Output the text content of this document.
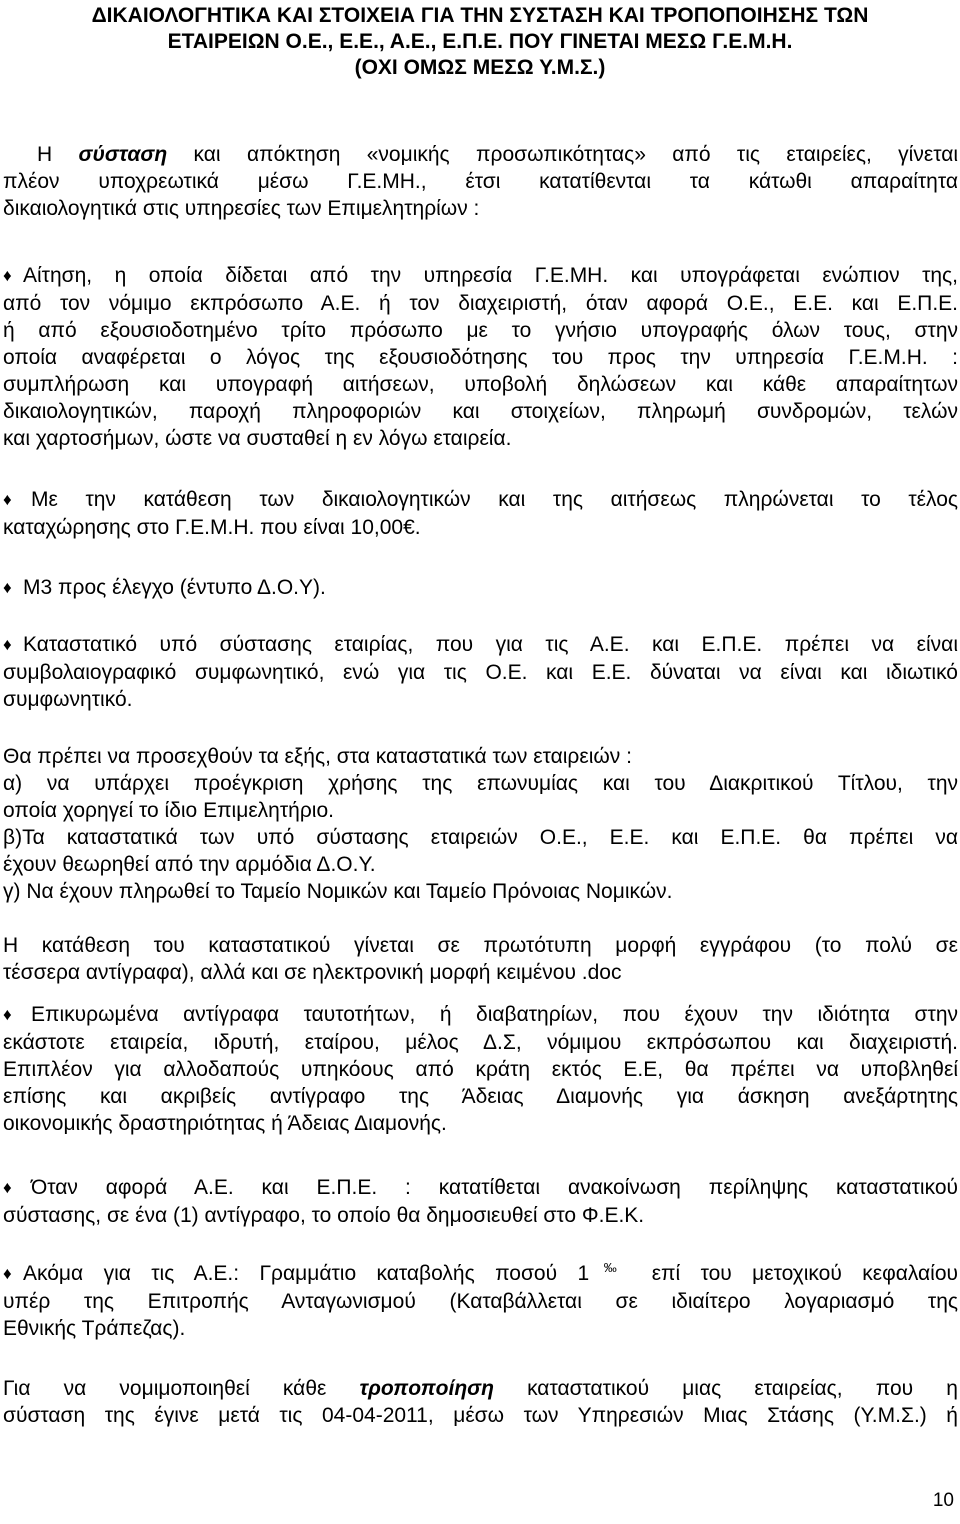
ΔΙΚΑΙΟΛΟΓΗΤΙΚΑ ΚΑΙ ΣΤΟΙΧΕΙΑ ΓΙΑ ΤΗΝ ΣΥΣΤΑΣΗ ΚΑΙ ΤΡΟΠΟΠΟΙΗΣΗΣ ΤΩΝ
ΕΤΑΙΡΕΙΩΝ Ο.Ε., Ε.Ε., Α.Ε., Ε.Π.Ε. ΠΟΥ ΓΙΝΕΤΑΙ ΜΕΣΩ Γ.Ε.Μ.Η.
(ΟΧΙ ΟΜΩΣ ΜΕΣΩ Υ.Μ.Σ.)
Η σύσταση και απόκτηση «νομικής προσωπικότητας» από τις εταιρείες, γίνεται
πλέον υποχρεωτικά μέσω Γ.Ε.ΜΗ., έτσι κατατίθενται τα κάτωθι απαραίτητα
δικαιολογητικά στις υπηρεσίες των Επιμελητηρίων :
♦ Αίτηση, η οποία δίδεται από την υπηρεσία Γ.Ε.ΜΗ. και υπογράφεται ενώπιον της,
από τον νόμιμο εκπρόσωπο Α.Ε. ή τον διαχειριστή, όταν αφορά Ο.Ε., Ε.Ε. και Ε.Π.Ε.
ή από εξουσιοδοτημένο τρίτο πρόσωπο με το γνήσιο υπογραφής όλων τους, στην
οποία αναφέρεται ο λόγος της εξουσιοδότησης του προς την υπηρεσία Γ.Ε.Μ.Η. :
συμπλήρωση και υπογραφή αιτήσεων, υποβολή δηλώσεων και κάθε απαραίτητων
δικαιολογητικών, παροχή πληροφοριών και στοιχείων, πληρωμή συνδρομών, τελών
και χαρτοσήμων, ώστε να συσταθεί η εν λόγω εταιρεία.
♦ Με την κατάθεση των δικαιολογητικών και της αιτήσεως πληρώνεται το τέλος
καταχώρησης στο Γ.Ε.Μ.Η. που είναι 10,00€.
♦ Μ3 προς έλεγχο (έντυπο Δ.Ο.Υ).
♦ Καταστατικό υπό σύστασης εταιρίας, που για τις Α.Ε. και Ε.Π.Ε. πρέπει να είναι
συμβολαιογραφικό συμφωνητικό, ενώ για τις Ο.Ε. και Ε.Ε. δύναται να είναι και ιδιωτικό
συμφωνητικό.
Θα πρέπει να προσεχθούν τα εξής, στα καταστατικά των εταιρειών :
α) να υπάρχει προέγκριση χρήσης της επωνυμίας και του Διακριτικού Τίτλου, την
οποία χορηγεί το ίδιο Επιμελητήριο.
β)Τα καταστατικά των υπό σύστασης εταιρειών Ο.Ε., Ε.Ε. και Ε.Π.Ε. θα πρέπει να
έχουν θεωρηθεί από την αρμόδια Δ.Ο.Υ.
γ) Να έχουν πληρωθεί το Ταμείο Νομικών και Ταμείο Πρόνοιας Νομικών.
Η κατάθεση του καταστατικού γίνεται σε πρωτότυπη μορφή εγγράφου (το πολύ σε
τέσσερα αντίγραφα), αλλά και σε ηλεκτρονική μορφή κειμένου .doc
♦ Επικυρωμένα αντίγραφα ταυτοτήτων, ή διαβατηρίων, που έχουν την ιδιότητα στην
εκάστοτε εταιρεία, ιδρυτή, εταίρου, μέλος Δ.Σ, νόμιμου εκπρόσωπου και διαχειριστή.
Επιπλέον για αλλοδαπούς υπηκόους από κράτη εκτός Ε.Ε, θα πρέπει να υποβληθεί
επίσης και ακριβείς αντίγραφο της Άδειας Διαμονής για άσκηση ανεξάρτητης
οικονομικής δραστηριότητας ή Άδειας Διαμονής.
♦ Όταν αφορά Α.Ε. και Ε.Π.Ε. : κατατίθεται ανακοίνωση περίληψης καταστατικού
σύστασης, σε ένα (1) αντίγραφο, το οποίο θα δημοσιευθεί στο Φ.Ε.Κ.
♦ Ακόμα για τις Α.Ε.: Γραμμάτιο καταβολής ποσού 1‰ επί του μετοχικού κεφαλαίου
υπέρ της Επιτροπής Ανταγωνισμού (Καταβάλλεται σε ιδιαίτερο λογαριασμό της
Εθνικής Τράπεζας).
Για να νομιμοποιηθεί κάθε τροποποίηση καταστατικού μιας εταιρείας, που η
σύσταση της έγινε μετά τις 04-04-2011, μέσω των Υπηρεσιών Μιας Στάσης (Υ.Μ.Σ.) ή
10
